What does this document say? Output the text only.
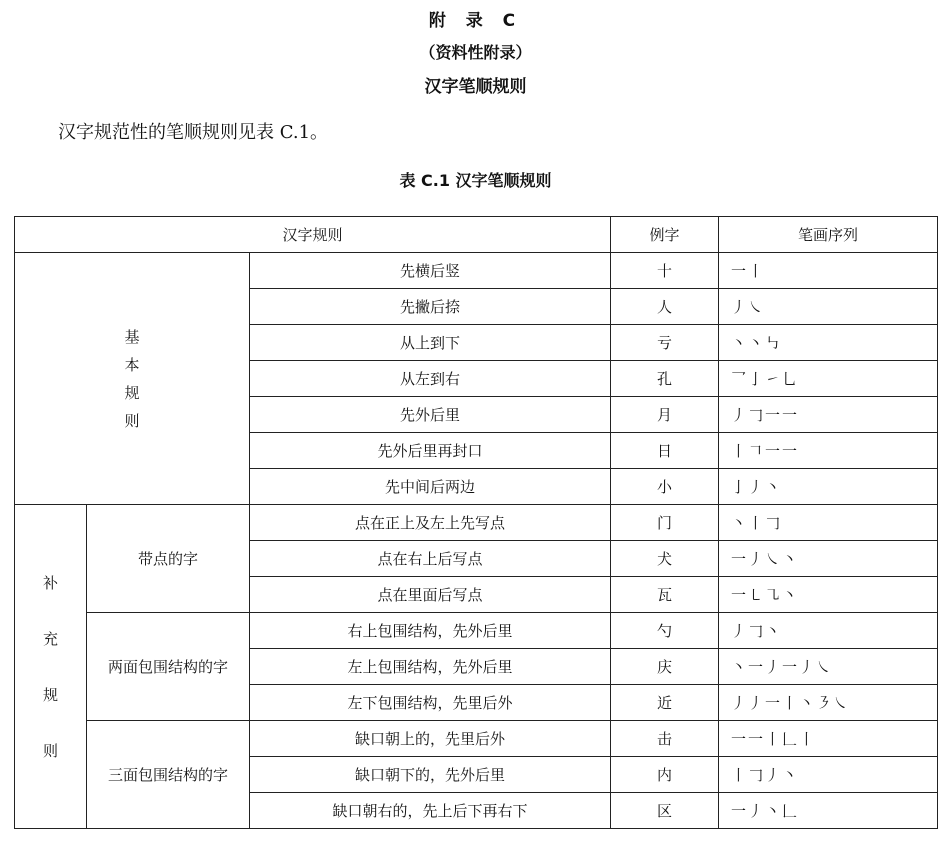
附 录 C
（资料性附录）
汉字笔顺规则
汉字规范性的笔顺规则见表 C.1。
表 C.1 汉字笔顺规则
汉字规则			例字	笔画序列
基
本
规
则		先横后竖	十	一丨
		先撇后捺	人	丿㇏
		从上到下	亏	丶丶㇉
		从左到右	孔	乛亅㇀乚
		先外后里	月	丿𠃌一一
		先外后里再封口	日	丨𠃍一一
		先中间后两边	小	亅丿丶
补
充
规
则	带点的字	点在正上及左上先写点	门	丶丨𠃌
		点在右上后写点	犬	一丿㇏丶
		点在里面后写点	瓦	一㇄㇈丶
	两面包围结构的字	右上包围结构，先外后里	勺	丿𠃌丶
		左上包围结构，先外后里	庆	丶一丿一丿㇏
		左下包围结构，先里后外	近	丿丿一丨丶㇋㇏
	三面包围结构的字	缺口朝上的，先里后外	击	一一丨𠃊丨
		缺口朝下的，先外后里	内	丨𠃌丿丶
		缺口朝右的，先上后下再右下	区	一丿丶𠃊
